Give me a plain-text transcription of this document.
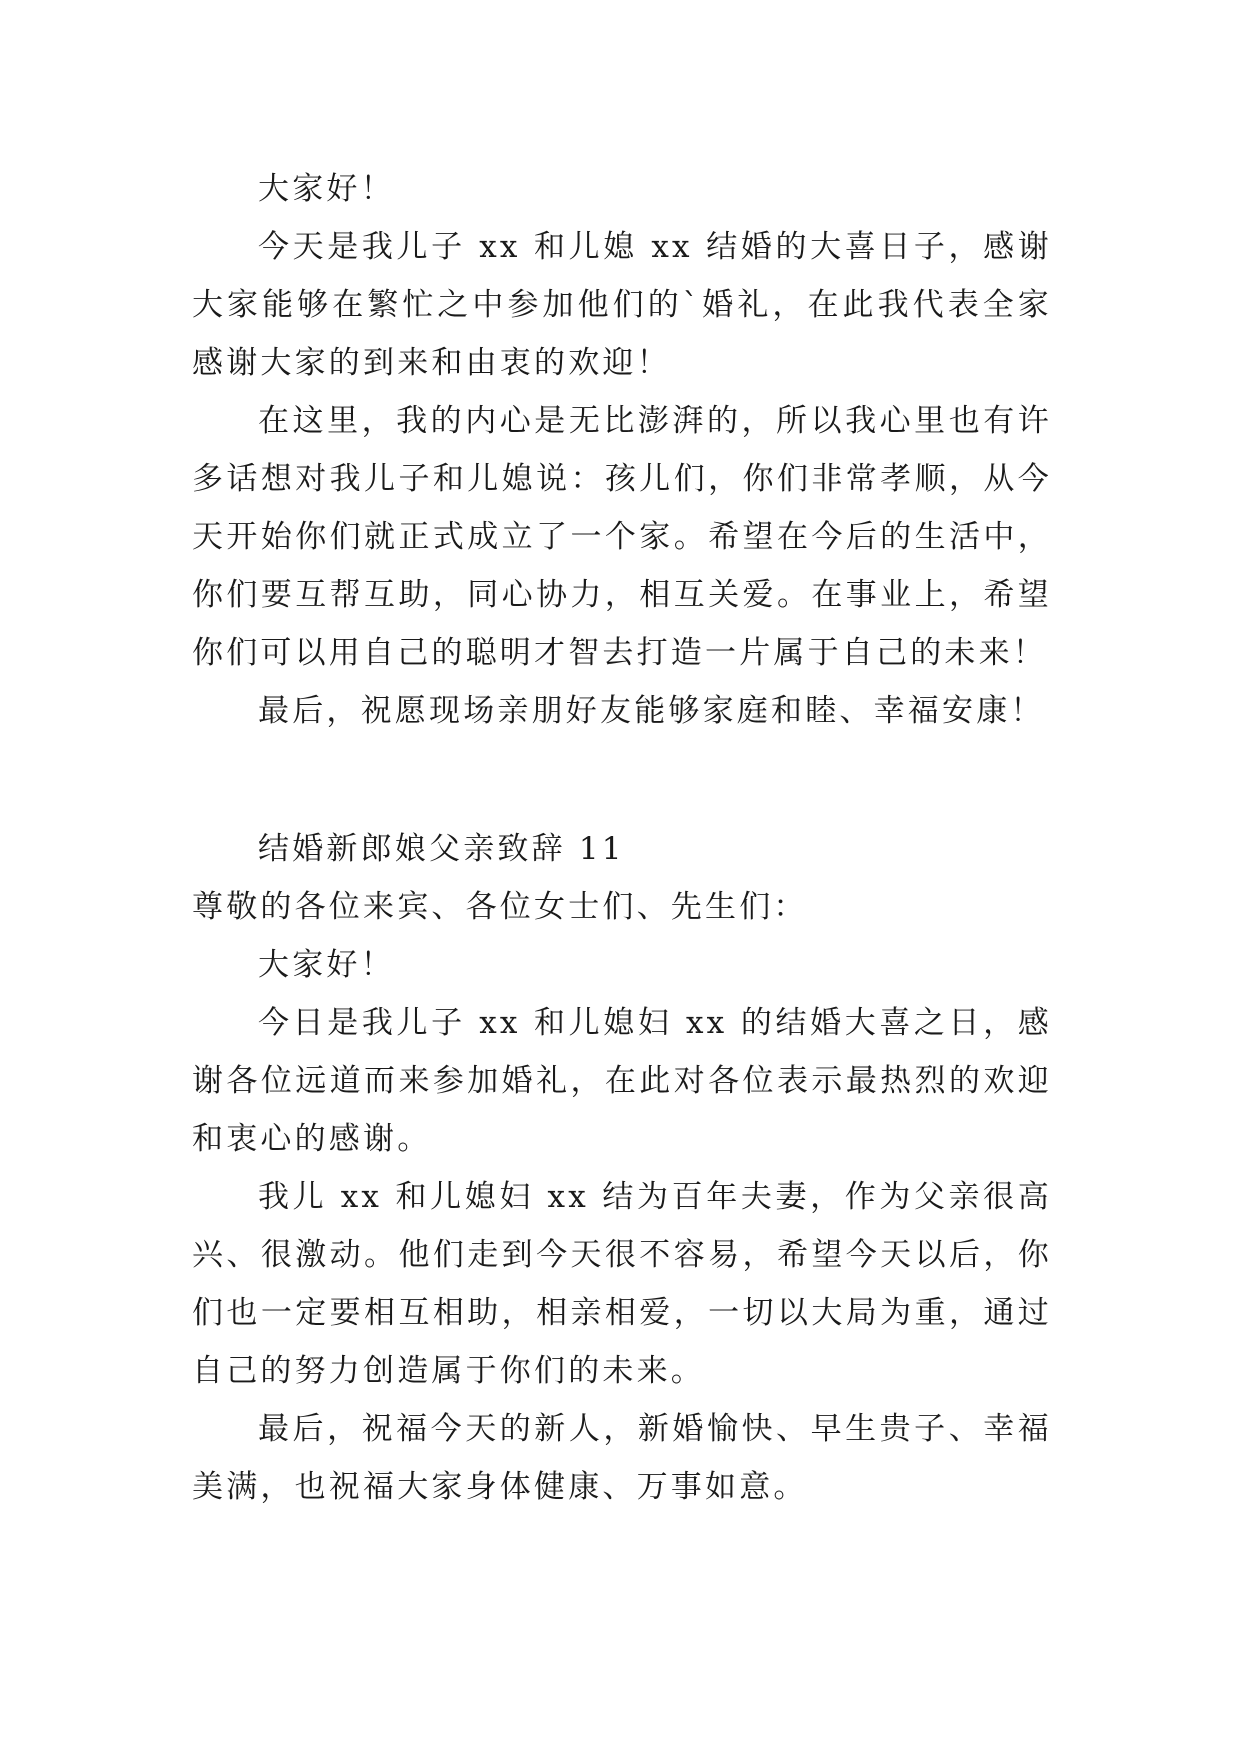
大家好！

今天是我儿子 xx 和儿媳 xx 结婚的大喜日子，感谢大家能够在繁忙之中参加他们的`婚礼，在此我代表全家感谢大家的到来和由衷的欢迎！

在这里，我的内心是无比澎湃的，所以我心里也有许多话想对我儿子和儿媳说：孩儿们，你们非常孝顺，从今天开始你们就正式成立了一个家。希望在今后的生活中，你们要互帮互助，同心协力，相互关爱。在事业上，希望你们可以用自己的聪明才智去打造一片属于自己的未来！

最后，祝愿现场亲朋好友能够家庭和睦、幸福安康！

结婚新郎娘父亲致辞 11

尊敬的各位来宾、各位女士们、先生们：

大家好！

今日是我儿子 xx 和儿媳妇 xx 的结婚大喜之日，感谢各位远道而来参加婚礼，在此对各位表示最热烈的欢迎和衷心的感谢。

我儿 xx 和儿媳妇 xx 结为百年夫妻，作为父亲很高兴、很激动。他们走到今天很不容易，希望今天以后，你们也一定要相互相助，相亲相爱，一切以大局为重，通过自己的努力创造属于你们的未来。

最后，祝福今天的新人，新婚愉快、早生贵子、幸福美满，也祝福大家身体健康、万事如意。
